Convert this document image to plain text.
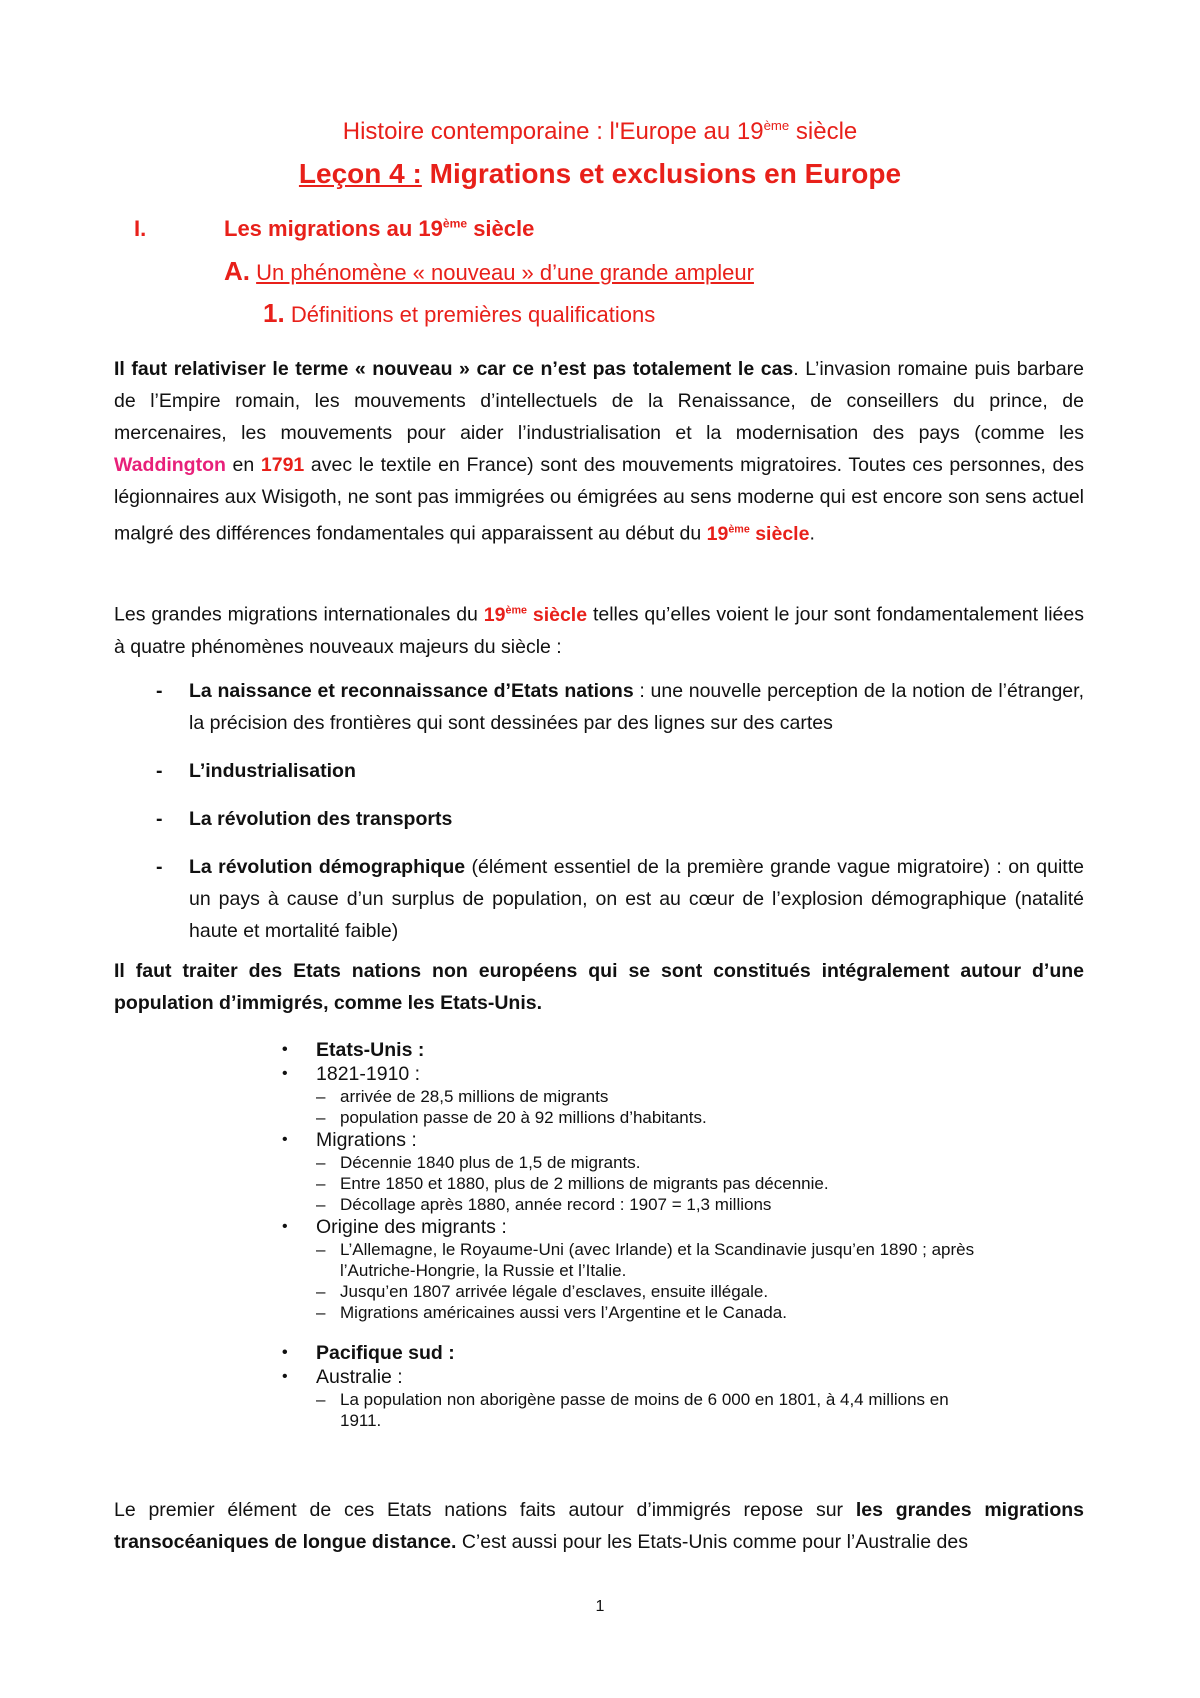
Histoire contemporaine : l'Europe au 19ème siècle
Leçon 4 : Migrations et exclusions en Europe
I.	Les migrations au 19ème siècle
A. Un phénomène « nouveau » d’une grande ampleur
1. Définitions et premières qualifications
Il faut relativiser le terme « nouveau » car ce n’est pas totalement le cas. L’invasion romaine puis barbare de l’Empire romain, les mouvements d’intellectuels de la Renaissance, de conseillers du prince, de mercenaires, les mouvements pour aider l’industrialisation et la modernisation des pays (comme les Waddington en 1791 avec le textile en France) sont des mouvements migratoires. Toutes ces personnes, des légionnaires aux Wisigoth, ne sont pas immigrées ou émigrées au sens moderne qui est encore son sens actuel malgré des différences fondamentales qui apparaissent au début du 19ème siècle.
Les grandes migrations internationales du 19ème siècle telles qu’elles voient le jour sont fondamentalement liées à quatre phénomènes nouveaux majeurs du siècle :
- La naissance et reconnaissance d’Etats nations : une nouvelle perception de la notion de l’étranger, la précision des frontières qui sont dessinées par des lignes sur des cartes
- L’industrialisation
- La révolution des transports
- La révolution démographique (élément essentiel de la première grande vague migratoire) : on quitte un pays à cause d’un surplus de population, on est au cœur de l’explosion démographique (natalité haute et mortalité faible)
Il faut traiter des Etats nations non européens qui se sont constitués intégralement autour d’une population d’immigrés, comme les Etats-Unis.
• Etats-Unis :
• 1821-1910 :
– arrivée de 28,5 millions de migrants
– population passe de 20 à 92 millions d’habitants.
• Migrations :
– Décennie 1840 plus de 1,5 de migrants.
– Entre 1850 et 1880, plus de 2 millions de migrants pas décennie.
– Décollage après 1880, année record : 1907 = 1,3 millions
• Origine des migrants :
– L’Allemagne, le Royaume-Uni (avec Irlande) et la Scandinavie jusqu’en 1890 ; après l’Autriche-Hongrie, la Russie et l’Italie.
– Jusqu’en 1807 arrivée légale d’esclaves, ensuite illégale.
– Migrations américaines aussi vers l’Argentine et le Canada.
• Pacifique sud :
• Australie :
– La population non aborigène passe de moins de 6 000 en 1801, à 4,4 millions en 1911.
Le premier élément de ces Etats nations faits autour d’immigrés repose sur les grandes migrations transocéaniques de longue distance. C’est aussi pour les Etats-Unis comme pour l’Australie des
1
